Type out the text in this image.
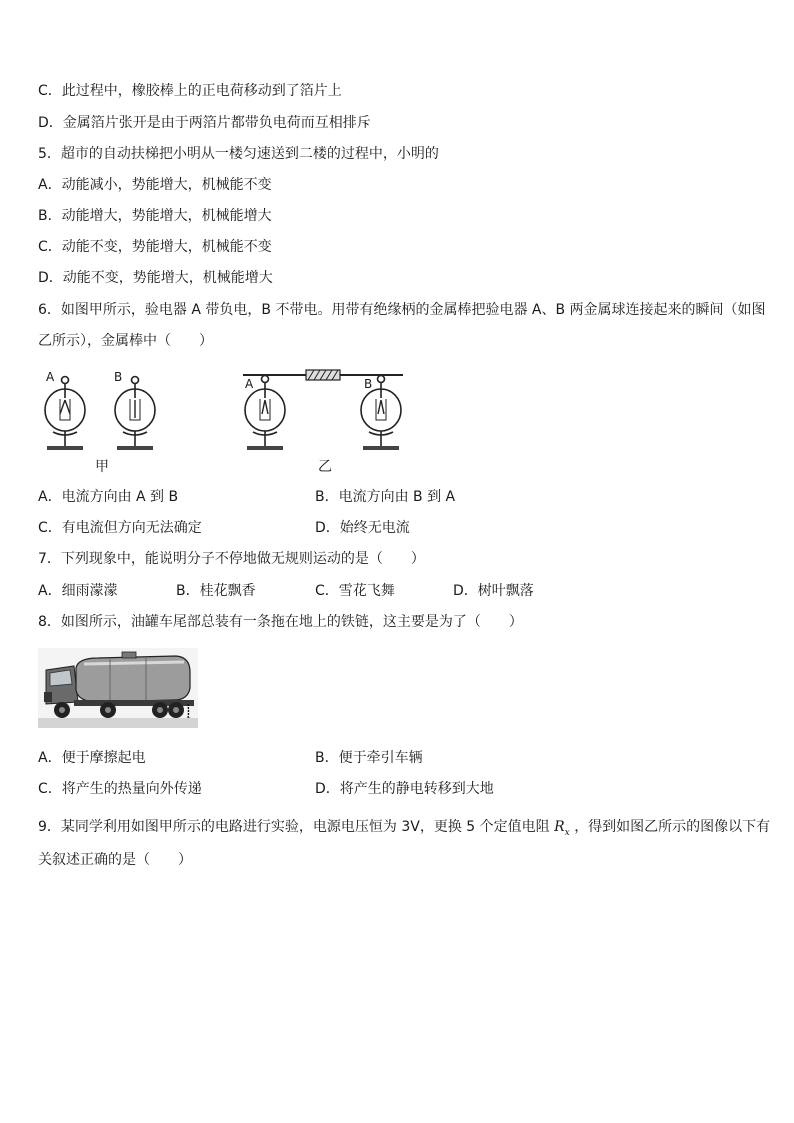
C．此过程中，橡胶棒上的正电荷移动到了箔片上
D．金属箔片张开是由于两箔片都带负电荷而互相排斥
5．超市的自动扶梯把小明从一楼匀速送到二楼的过程中，小明的
A．动能减小，势能增大，机械能不变
B．动能增大，势能增大，机械能增大
C．动能不变，势能增大，机械能不变
D．动能不变，势能增大，机械能增大
6．如图甲所示，验电器 A 带负电，B 不带电。用带有绝缘柄的金属棒把验电器 A、B 两金属球连接起来的瞬间（如图
乙所示），金属棒中（　　）
A	B
甲
A	B
乙
A．电流方向由 A 到 B	B．电流方向由 B 到 A
C．有电流但方向无法确定	D．始终无电流
7．下列现象中，能说明分子不停地做无规则运动的是（　　）
A．细雨濛濛	B．桂花飘香	C．雪花飞舞	D．树叶飘落
8．如图所示，油罐车尾部总装有一条拖在地上的铁链，这主要是为了（　　）
A．便于摩擦起电	B．便于牵引车辆
C．将产生的热量向外传递	D．将产生的静电转移到大地
9．某同学利用如图甲所示的电路进行实验，电源电压恒为 3V，更换 5 个定值电阻 $R_x$ ，得到如图乙所示的图像以下有
关叙述正确的是（　　）
